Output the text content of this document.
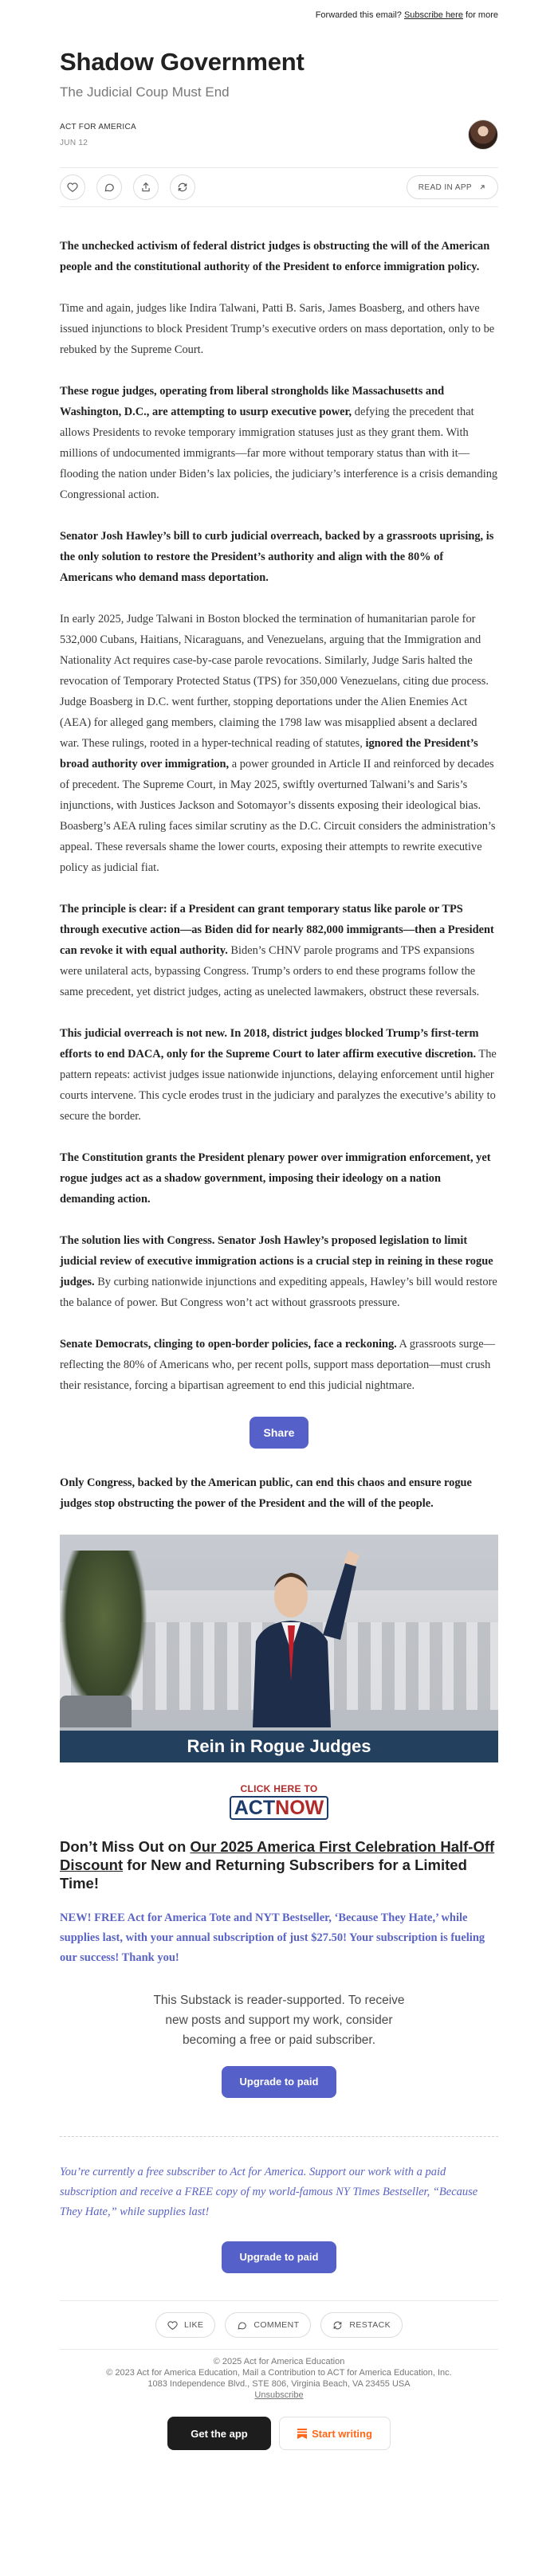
Forwarded this email? Subscribe here for more
Shadow Government
The Judicial Coup Must End
ACT FOR AMERICA
JUN 12
READ IN APP

The unchecked activism of federal district judges is obstructing the will of the American people and the constitutional authority of the President to enforce immigration policy.

Time and again, judges like Indira Talwani, Patti B. Saris, James Boasberg, and others have issued injunctions to block President Trump’s executive orders on mass deportation, only to be rebuked by the Supreme Court.

These rogue judges, operating from liberal strongholds like Massachusetts and Washington, D.C., are attempting to usurp executive power, defying the precedent that allows Presidents to revoke temporary immigration statuses just as they grant them. With millions of undocumented immigrants—far more without temporary status than with it—flooding the nation under Biden’s lax policies, the judiciary’s interference is a crisis demanding Congressional action.

Senator Josh Hawley’s bill to curb judicial overreach, backed by a grassroots uprising, is the only solution to restore the President’s authority and align with the 80% of Americans who demand mass deportation.

In early 2025, Judge Talwani in Boston blocked the termination of humanitarian parole for 532,000 Cubans, Haitians, Nicaraguans, and Venezuelans, arguing that the Immigration and Nationality Act requires case-by-case parole revocations. Similarly, Judge Saris halted the revocation of Temporary Protected Status (TPS) for 350,000 Venezuelans, citing due process. Judge Boasberg in D.C. went further, stopping deportations under the Alien Enemies Act (AEA) for alleged gang members, claiming the 1798 law was misapplied absent a declared war. These rulings, rooted in a hyper-technical reading of statutes, ignored the President’s broad authority over immigration, a power grounded in Article II and reinforced by decades of precedent. The Supreme Court, in May 2025, swiftly overturned Talwani’s and Saris’s injunctions, with Justices Jackson and Sotomayor’s dissents exposing their ideological bias. Boasberg’s AEA ruling faces similar scrutiny as the D.C. Circuit considers the administration’s appeal. These reversals shame the lower courts, exposing their attempts to rewrite executive policy as judicial fiat.

The principle is clear: if a President can grant temporary status like parole or TPS through executive action—as Biden did for nearly 882,000 immigrants—then a President can revoke it with equal authority. Biden’s CHNV parole programs and TPS expansions were unilateral acts, bypassing Congress. Trump’s orders to end these programs follow the same precedent, yet district judges, acting as unelected lawmakers, obstruct these reversals.

This judicial overreach is not new. In 2018, district judges blocked Trump’s first-term efforts to end DACA, only for the Supreme Court to later affirm executive discretion. The pattern repeats: activist judges issue nationwide injunctions, delaying enforcement until higher courts intervene. This cycle erodes trust in the judiciary and paralyzes the executive’s ability to secure the border.

The Constitution grants the President plenary power over immigration enforcement, yet rogue judges act as a shadow government, imposing their ideology on a nation demanding action.

The solution lies with Congress. Senator Josh Hawley’s proposed legislation to limit judicial review of executive immigration actions is a crucial step in reining in these rogue judges. By curbing nationwide injunctions and expediting appeals, Hawley’s bill would restore the balance of power. But Congress won’t act without grassroots pressure.

Senate Democrats, clinging to open-border policies, face a reckoning. A grassroots surge—reflecting the 80% of Americans who, per recent polls, support mass deportation—must crush their resistance, forcing a bipartisan agreement to end this judicial nightmare.

Share

Only Congress, backed by the American public, can end this chaos and ensure rogue judges stop obstructing the power of the President and the will of the people.

Rein in Rogue Judges
CLICK HERE TO
ACTNOW
Don’t Miss Out on Our 2025 America First Celebration Half-Off Discount for New and Returning Subscribers for a Limited Time!
NEW! FREE Act for America Tote and NYT Bestseller, ‘Because They Hate,’ while supplies last, with your annual subscription of just $27.50! Your subscription is fueling our success! Thank you!
This Substack is reader-supported. To receive new posts and support my work, consider becoming a free or paid subscriber.
Upgrade to paid
You’re currently a free subscriber to Act for America. Support our work with a paid subscription and receive a FREE copy of my world-famous NY Times Bestseller, “Because They Hate,” while supplies last!
Upgrade to paid
LIKE	COMMENT	RESTACK
© 2025 Act for America Education
© 2023 Act for America Education, Mail a Contribution to ACT for America Education, Inc.
1083 Independence Blvd., STE 806, Virginia Beach, VA 23455 USA
Unsubscribe
Get the app	Start writing
